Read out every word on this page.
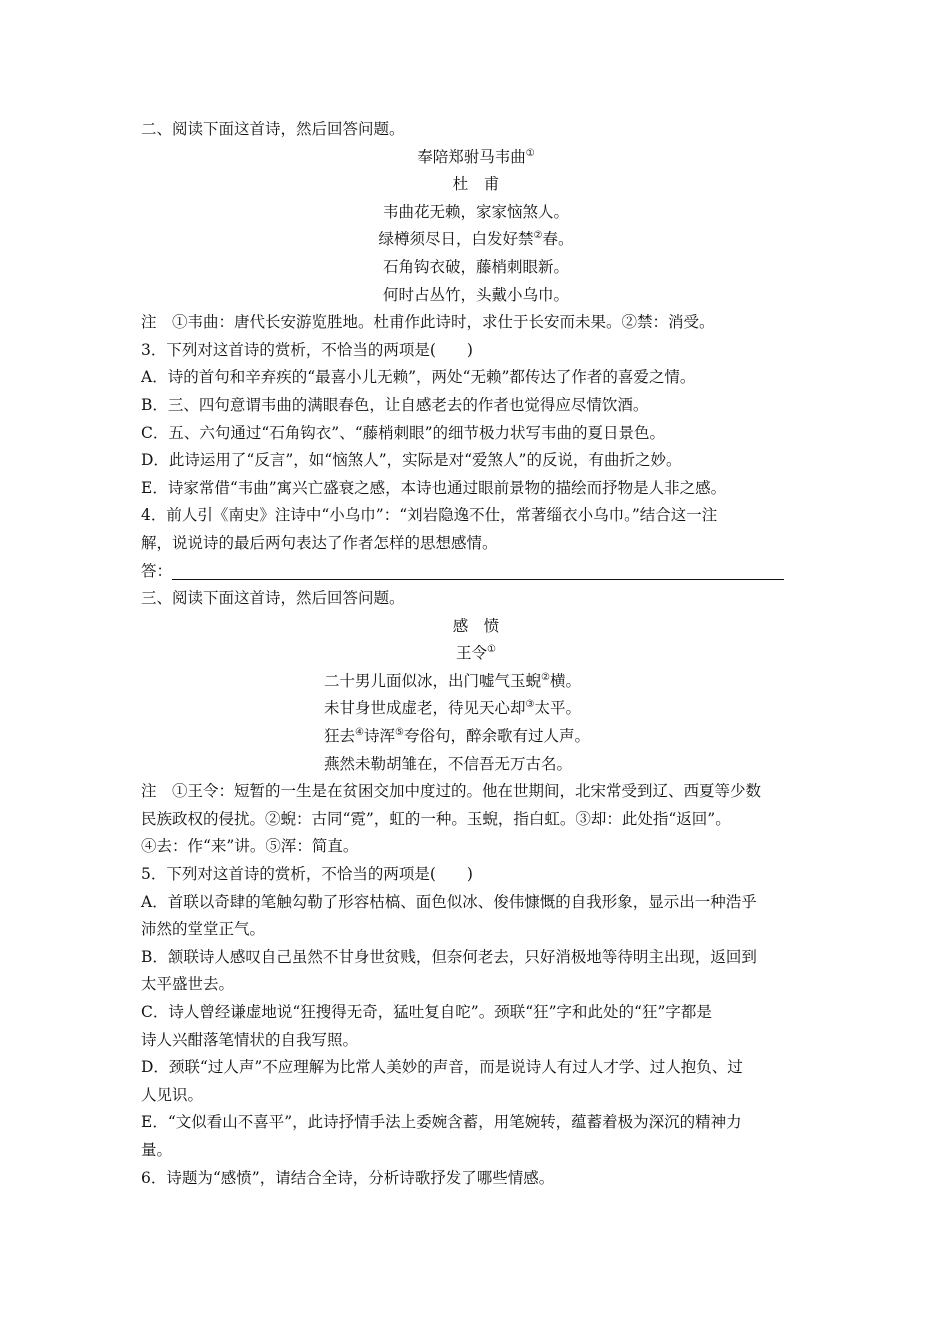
二、阅读下面这首诗，然后回答问题。
奉陪郑驸马韦曲①
杜　甫
韦曲花无赖，家家恼煞人。
绿樽须尽日，白发好禁②春。
石角钩衣破，藤梢刺眼新。
何时占丛竹，头戴小乌巾。
注　①韦曲：唐代长安游览胜地。杜甫作此诗时，求仕于长安而未果。②禁：消受。
3．下列对这首诗的赏析，不恰当的两项是(　　)
A．诗的首句和辛弃疾的“最喜小儿无赖”，两处“无赖”都传达了作者的喜爱之情。
B．三、四句意谓韦曲的满眼春色，让自感老去的作者也觉得应尽情饮酒。
C．五、六句通过“石角钩衣”、“藤梢刺眼”的细节极力状写韦曲的夏日景色。
D．此诗运用了“反言”，如“恼煞人”，实际是对“爱煞人”的反说，有曲折之妙。
E．诗家常借“韦曲”寓兴亡盛衰之感，本诗也通过眼前景物的描绘而抒物是人非之感。
4．前人引《南史》注诗中“小乌巾”：“刘岩隐逸不仕，常著缁衣小乌巾。”结合这一注
解，说说诗的最后两句表达了作者怎样的思想感情。
答：
三、阅读下面这首诗，然后回答问题。
感　愤
王令①
二十男儿面似冰，出门嘘气玉蜺②横。
未甘身世成虚老，待见天心却③太平。
狂去④诗浑⑤夸俗句，醉余歌有过人声。
燕然未勒胡雏在，不信吾无万古名。
注　①王令：短暂的一生是在贫困交加中度过的。他在世期间，北宋常受到辽、西夏等少数
民族政权的侵扰。②蜺：古同“霓”，虹的一种。玉蜺，指白虹。③却：此处指“返回”。
④去：作“来”讲。⑤浑：简直。
5．下列对这首诗的赏析，不恰当的两项是(　　)
A．首联以奇肆的笔触勾勒了形容枯槁、面色似冰、俊伟慷慨的自我形象，显示出一种浩乎
沛然的堂堂正气。
B．颔联诗人感叹自己虽然不甘身世贫贱，但奈何老去，只好消极地等待明主出现，返回到
太平盛世去。
C．诗人曾经谦虚地说“狂搜得无奇，猛吐复自咜”。颈联“狂”字和此处的“狂”字都是
诗人兴酣落笔情状的自我写照。
D．颈联“过人声”不应理解为比常人美妙的声音，而是说诗人有过人才学、过人抱负、过
人见识。
E．“文似看山不喜平”，此诗抒情手法上委婉含蓄，用笔婉转，蕴蓄着极为深沉的精神力
量。
6．诗题为“感愤”，请结合全诗，分析诗歌抒发了哪些情感。
